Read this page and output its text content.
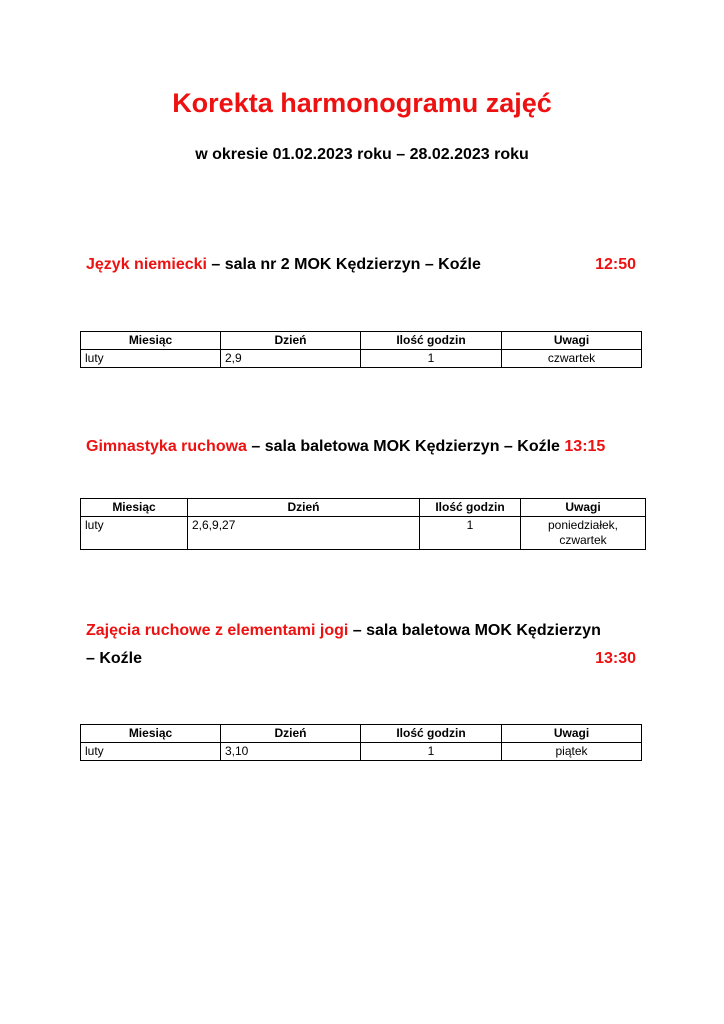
Korekta harmonogramu zajęć
w okresie 01.02.2023 roku – 28.02.2023 roku
Język niemiecki – sala nr 2 MOK Kędzierzyn – Koźle	12:50
Miesiąc	Dzień	Ilość godzin	Uwagi
luty	2,9	1	czwartek
Gimnastyka ruchowa – sala baletowa MOK Kędzierzyn – Koźle 13:15
Miesiąc	Dzień	Ilość godzin	Uwagi
luty	2,6,9,27	1	poniedziałek, czwartek
Zajęcia ruchowe z elementami jogi – sala baletowa MOK Kędzierzyn
– Koźle	13:30
Miesiąc	Dzień	Ilość godzin	Uwagi
luty	3,10	1	piątek
